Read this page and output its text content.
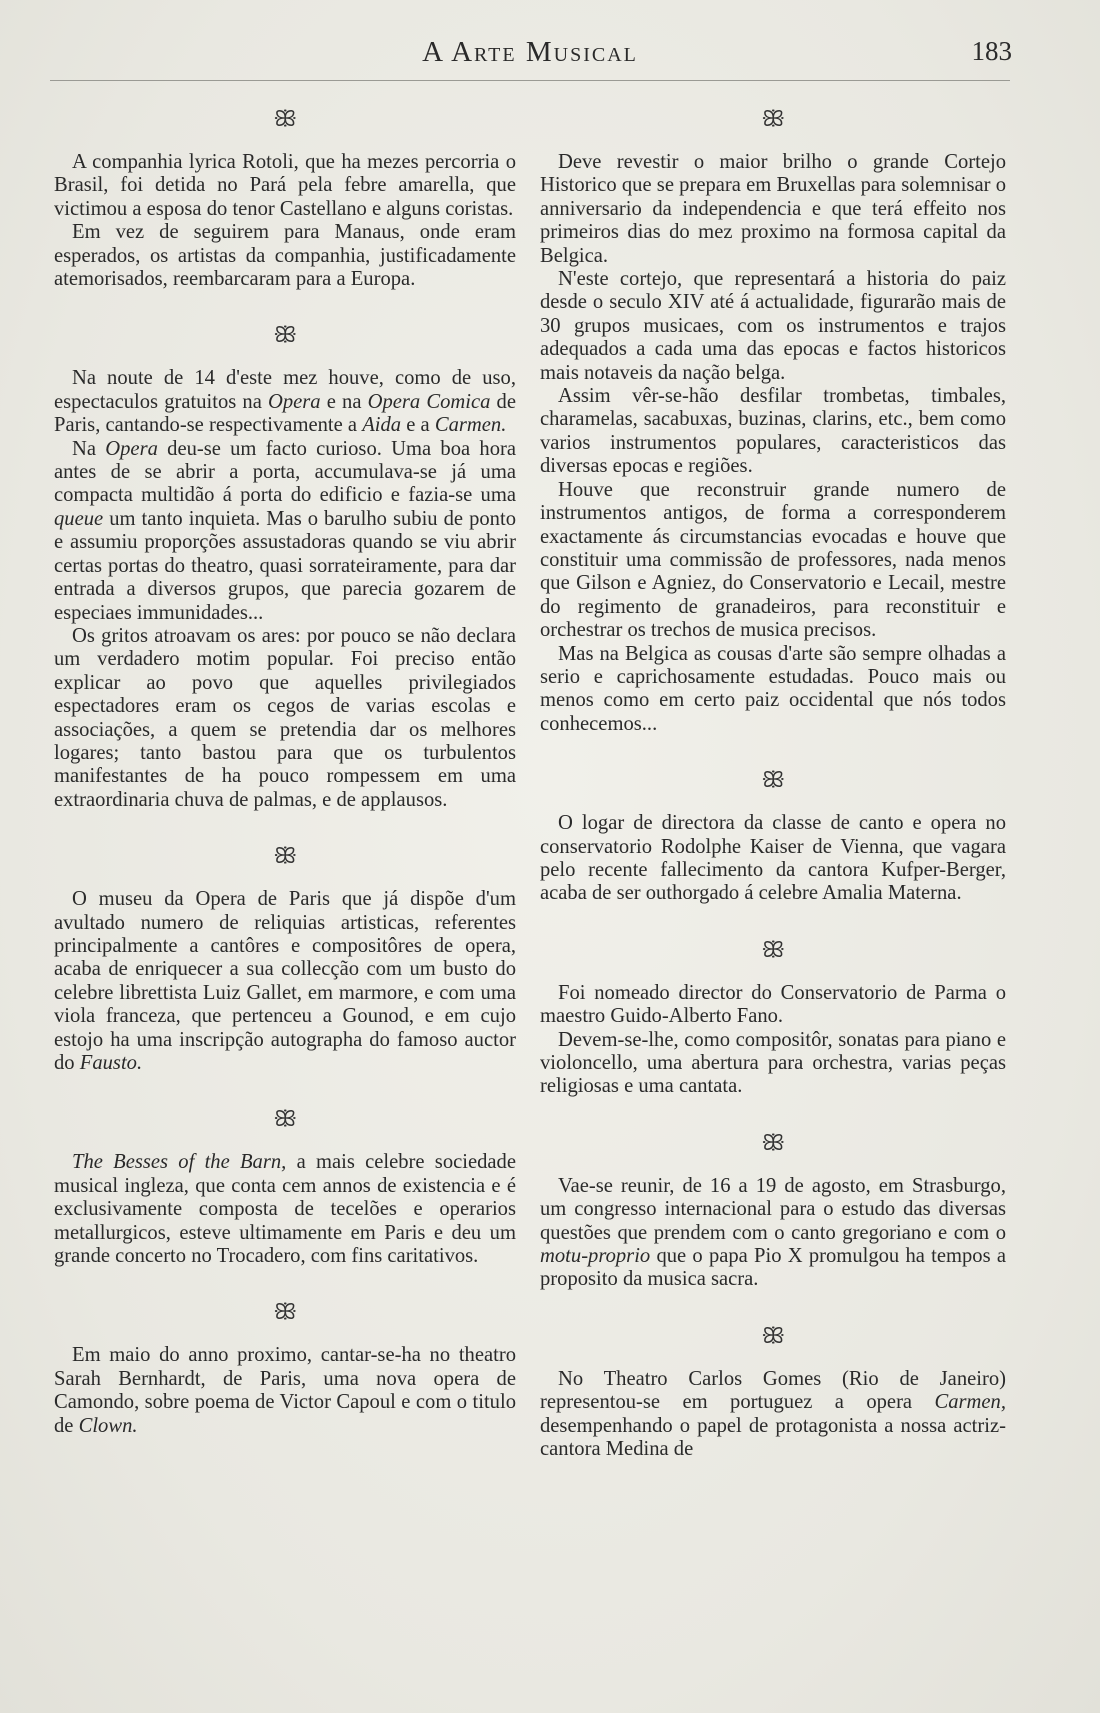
A Arte Musical	183
ꕥ

A companhia lyrica Rotoli, que ha mezes percorria o Brasil, foi detida no Pará pela febre amarella, que victimou a esposa do tenor Castellano e alguns coristas.

Em vez de seguirem para Manaus, onde eram esperados, os artistas da companhia, justificadamente atemorisados, reembarcaram para a Europa.

ꕥ

Na noute de 14 d'este mez houve, como de uso, espectaculos gratuitos na Opera e na Opera Comica de Paris, cantando-se respectivamente a Aida e a Carmen.

Na Opera deu-se um facto curioso. Uma boa hora antes de se abrir a porta, accumulava-se já uma compacta multidão á porta do edificio e fazia-se uma queue um tanto inquieta. Mas o barulho subiu de ponto e assumiu proporções assustadoras quando se viu abrir certas portas do theatro, quasi sorrateiramente, para dar entrada a diversos grupos, que parecia gozarem de especiaes immunidades...

Os gritos atroavam os ares: por pouco se não declara um verdadero motim popular. Foi preciso então explicar ao povo que aquelles privilegiados espectadores eram os cegos de varias escolas e associações, a quem se pretendia dar os melhores logares; tanto bastou para que os turbulentos manifestantes de ha pouco rompessem em uma extraordinaria chuva de palmas, e de applausos.

ꕥ

O museu da Opera de Paris que já dispõe d'um avultado numero de reliquias artisticas, referentes principalmente a cantôres e compositôres de opera, acaba de enriquecer a sua collecção com um busto do celebre librettista Luiz Gallet, em marmore, e com uma viola franceza, que pertenceu a Gounod, e em cujo estojo ha uma inscripção autographa do famoso auctor do Fausto.

ꕥ

The Besses of the Barn, a mais celebre sociedade musical ingleza, que conta cem annos de existencia e é exclusivamente composta de tecelões e operarios metallurgicos, esteve ultimamente em Paris e deu um grande concerto no Trocadero, com fins caritativos.

ꕥ

Em maio do anno proximo, cantar-se-ha no theatro Sarah Bernhardt, de Paris, uma nova opera de Camondo, sobre poema de Victor Capoul e com o titulo de Clown.

ꕥ

Deve revestir o maior brilho o grande Cortejo Historico que se prepara em Bruxellas para solemnisar o anniversario da independencia e que terá effeito nos primeiros dias do mez proximo na formosa capital da Belgica.

N'este cortejo, que representará a historia do paiz desde o seculo XIV até á actualidade, figurarão mais de 30 grupos musicaes, com os instrumentos e trajos adequados a cada uma das epocas e factos historicos mais notaveis da nação belga.

Assim vêr-se-hão desfilar trombetas, timbales, charamelas, sacabuxas, buzinas, clarins, etc., bem como varios instrumentos populares, caracteristicos das diversas epocas e regiões.

Houve que reconstruir grande numero de instrumentos antigos, de forma a corresponderem exactamente ás circumstancias evocadas e houve que constituir uma commissão de professores, nada menos que Gilson e Agniez, do Conservatorio e Lecail, mestre do regimento de granadeiros, para reconstituir e orchestrar os trechos de musica precisos.

Mas na Belgica as cousas d'arte são sempre olhadas a serio e caprichosamente estudadas. Pouco mais ou menos como em certo paiz occidental que nós todos conhecemos...

ꕥ

O logar de directora da classe de canto e opera no conservatorio Rodolphe Kaiser de Vienna, que vagara pelo recente fallecimento da cantora Kufper-Berger, acaba de ser outhorgado á celebre Amalia Materna.

ꕥ

Foi nomeado director do Conservatorio de Parma o maestro Guido-Alberto Fano.

Devem-se-lhe, como compositôr, sonatas para piano e violoncello, uma abertura para orchestra, varias peças religiosas e uma cantata.

ꕥ

Vae-se reunir, de 16 a 19 de agosto, em Strasburgo, um congresso internacional para o estudo das diversas questões que prendem com o canto gregoriano e com o motu-proprio que o papa Pio X promulgou ha tempos a proposito da musica sacra.

ꕥ

No Theatro Carlos Gomes (Rio de Janeiro) representou-se em portuguez a opera Carmen, desempenhando o papel de protagonista a nossa actriz-cantora Medina de
